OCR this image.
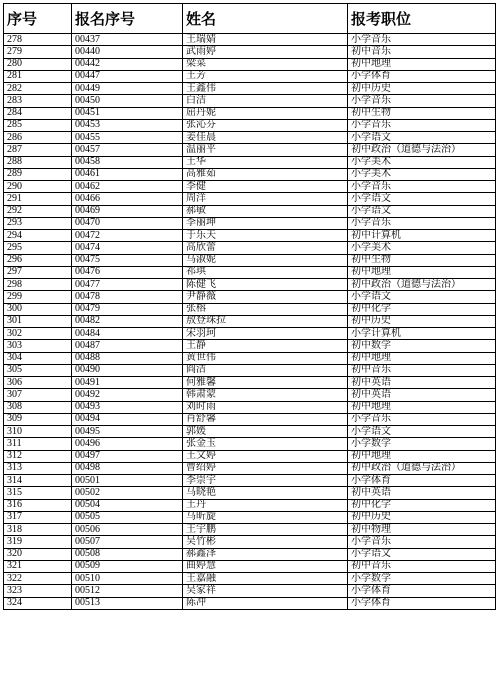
序号	报名序号	姓名	报考职位
278	00437	王瑞婧	小学音乐
279	00440	武雨婷	初中音乐
280	00442	梁菜	初中地理
281	00447	王芳	小学体育
282	00449	王鑫伟	初中历史
283	00450	白洁	小学音乐
284	00451	屈丹妮	初中生物
285	00453	张沁芬	小学音乐
286	00455	姜佳晨	小学语文
287	00457	温丽平	初中政治（道德与法治）
288	00458	王华	小学美术
289	00461	高雅茹	小学美术
290	00462	李健	小学音乐
291	00466	周洋	小学语文
292	00469	郝敏	小学语文
293	00470	李丽坤	小学音乐
294	00472	于乐天	初中计算机
295	00474	高欣蕾	小学美术
296	00475	马淑妮	初中生物
297	00476	祁琪	初中地理
298	00477	陈健飞	初中政治（道德与法治）
299	00478	尹静薇	小学语文
300	00479	张榕	初中化学
301	00482	敖登珠拉	初中历史
302	00484	宋羽珂	小学计算机
303	00487	王静	初中数学
304	00488	黄世伟	初中地理
305	00490	阎洁	初中音乐
306	00491	何雅馨	初中英语
307	00492	韩肃蒙	初中英语
308	00493	刘时雨	初中地理
309	00494	肖舒馨	小学音乐
310	00495	郭媛	小学语文
311	00496	张金玉	小学数学
312	00497	王文婷	初中地理
313	00498	曹绍婷	初中政治（道德与法治）
314	00501	李崇宇	小学体育
315	00502	马晓艳	初中英语
316	00504	王丹	初中化学
317	00505	马昕旋	初中历史
318	00506	王宇鹏	初中物理
319	00507	吴竹彬	小学音乐
320	00508	郝鑫泽	小学语文
321	00509	曲婷慧	初中音乐
322	00510	王嘉融	小学数学
323	00512	吴家祥	小学体育
324	00513	陈冲	小学体育
